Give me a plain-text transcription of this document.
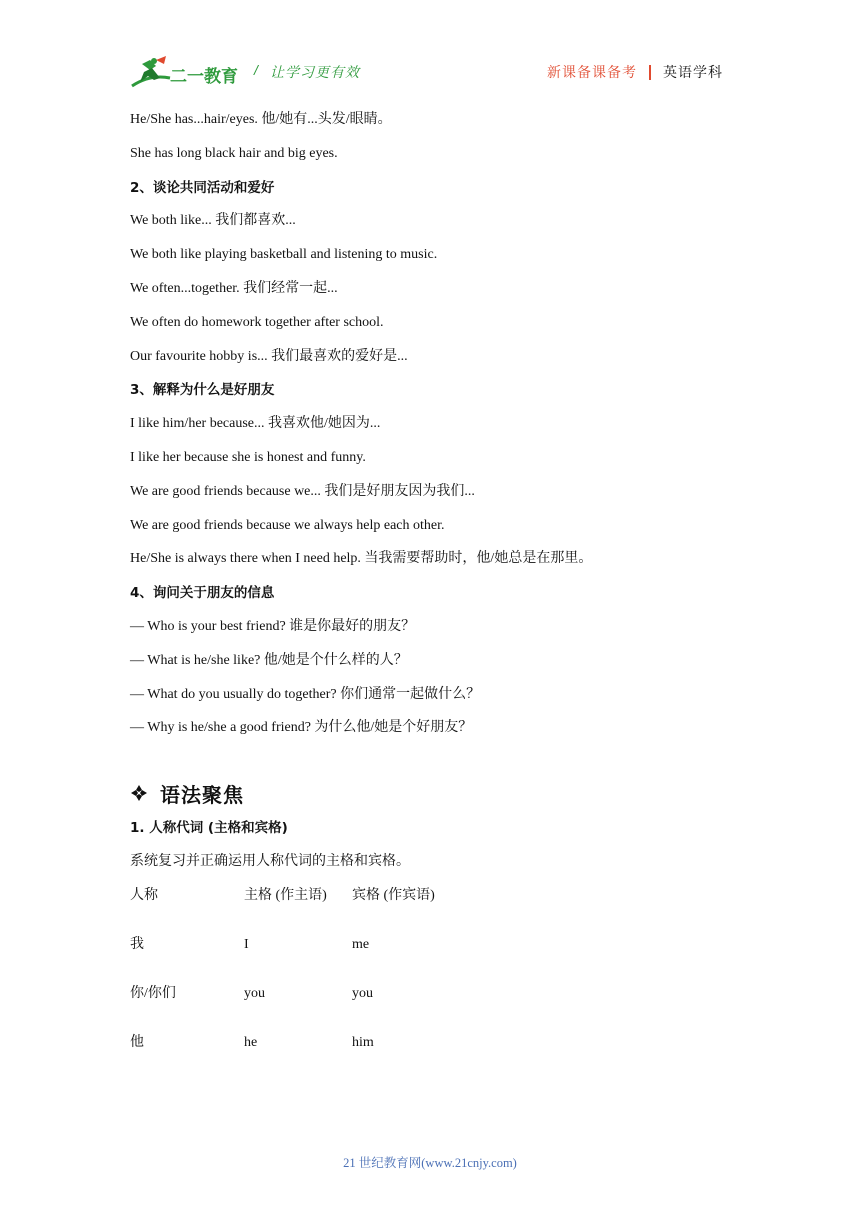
二一教育 / 让学习更有效	新课备课备考 英语学科
He/She has...hair/eyes. 他/她有...头发/眼睛。
She has long black hair and big eyes.
2、谈论共同活动和爱好
We both like... 我们都喜欢...
We both like playing basketball and listening to music.
We often...together. 我们经常一起...
We often do homework together after school.
Our favourite hobby is... 我们最喜欢的爱好是...
3、解释为什么是好朋友
I like him/her because... 我喜欢他/她因为...
I like her because she is honest and funny.
We are good friends because we... 我们是好朋友因为我们...
We are good friends because we always help each other.
He/She is always there when I need help. 当我需要帮助时，他/她总是在那里。
4、询问关于朋友的信息
— Who is your best friend? 谁是你最好的朋友？
— What is he/she like? 他/她是个什么样的人？
— What do you usually do together? 你们通常一起做什么？
— Why is he/she a good friend? 为什么他/她是个好朋友？
语法聚焦
1. 人称代词 (主格和宾格)
系统复习并正确运用人称代词的主格和宾格。
人称	主格 (作主语)	宾格 (作宾语)
我	I	me
你/你们	you	you
他	he	him
21 世纪教育网(www.21cnjy.com)
